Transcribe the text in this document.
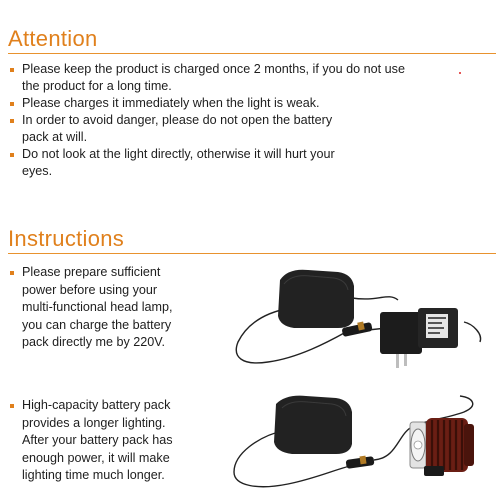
Attention
Please keep the product is charged once 2 months, if you do not use
the product for a long time.
Please charges it immediately when the light is weak.
In order to avoid danger, please do not open the battery
pack at will.
Do not look at the light directly, otherwise it will hurt your
eyes.
Instructions
Please prepare sufficient
power before using your
multi-functional head lamp,
you can charge the battery
pack directly me by 220V.
High-capacity battery pack
provides a longer lighting.
After your battery pack has
enough power, it will make
lighting time much longer.
